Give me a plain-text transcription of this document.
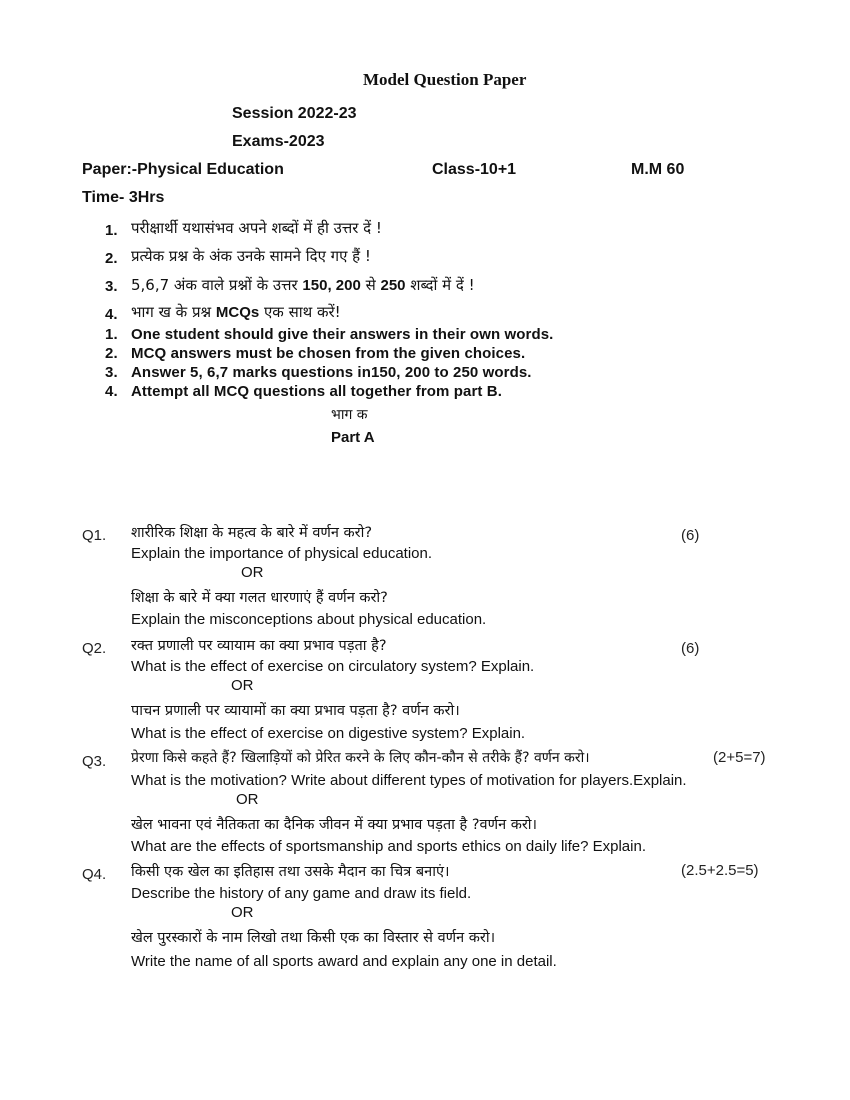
Model Question Paper
Session 2022-23
Exams-2023
Paper:-Physical Education	Class-10+1	M.M 60
Time- 3Hrs
1. परीक्षार्थी यथासंभव अपने शब्दों में ही उत्तर दें !
2. प्रत्येक प्रश्न के अंक उनके सामने दिए गए हैं !
3. 5,6,7 अंक वाले प्रश्नों के उत्तर 150, 200 से 250 शब्दों में दें !
4. भाग ख के प्रश्न MCQs एक साथ करें!
1. One student should give their answers in their own words.
2. MCQ answers must be chosen from the given choices.
3. Answer 5, 6,7 marks questions in150, 200 to 250 words.
4. Attempt all MCQ questions all together from part B.
भाग क
Part A
Q1. शारीरिक शिक्षा के महत्व के बारे में वर्णन करो?	(6)
Explain the importance of physical education.
OR
शिक्षा के बारे में क्या गलत धारणाएं हैं वर्णन करो?
Explain the misconceptions about physical education.
Q2. रक्त प्रणाली पर व्यायाम का क्या प्रभाव पड़ता है?	(6)
What is the effect of exercise on circulatory system? Explain.
OR
पाचन प्रणाली पर व्यायामों का क्या प्रभाव पड़ता है? वर्णन करो।
What is the effect of exercise on digestive system? Explain.
Q3. प्रेरणा किसे कहते हैं? खिलाड़ियों को प्रेरित करने के लिए कौन-कौन से तरीके हैं? वर्णन करो।	(2+5=7)
What is the motivation? Write about different types of motivation for players.Explain.
OR
खेल भावना एवं नैतिकता का दैनिक जीवन में क्या प्रभाव पड़ता है ?वर्णन करो।
What are the effects of sportsmanship and sports ethics on daily life? Explain.
Q4. किसी एक खेल का इतिहास तथा उसके मैदान का चित्र बनाएं।	(2.5+2.5=5)
Describe the history of any game and draw its field.
OR
खेल पुरस्कारों के नाम लिखो तथा किसी एक का विस्तार से वर्णन करो।
Write the name of all sports award and explain any one in detail.
